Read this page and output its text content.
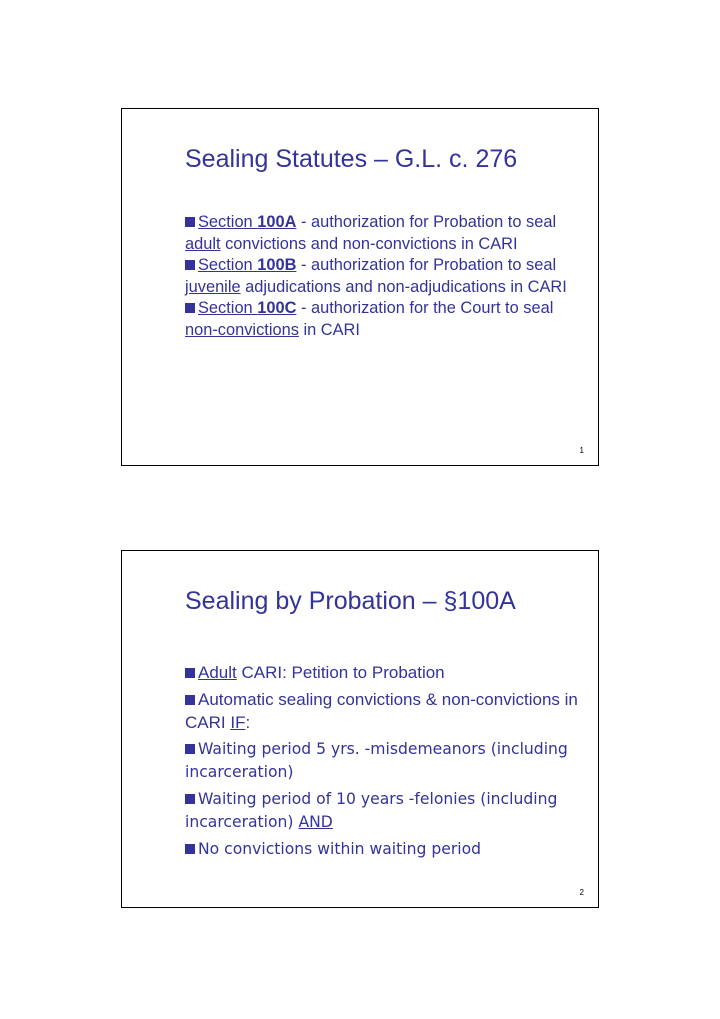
Sealing Statutes – G.L. c. 276
Section 100A - authorization for Probation to seal adult convictions and non-convictions in CARI
Section 100B - authorization for Probation to seal juvenile adjudications and non-adjudications in CARI
Section 100C - authorization for the Court to seal non-convictions in CARI
1
Sealing by Probation – §100A
Adult CARI: Petition to Probation
Automatic sealing convictions & non-convictions in CARI IF:
Waiting period 5 yrs. -misdemeanors (including incarceration)
Waiting period of 10 years -felonies (including incarceration) AND
No convictions within waiting period
2
